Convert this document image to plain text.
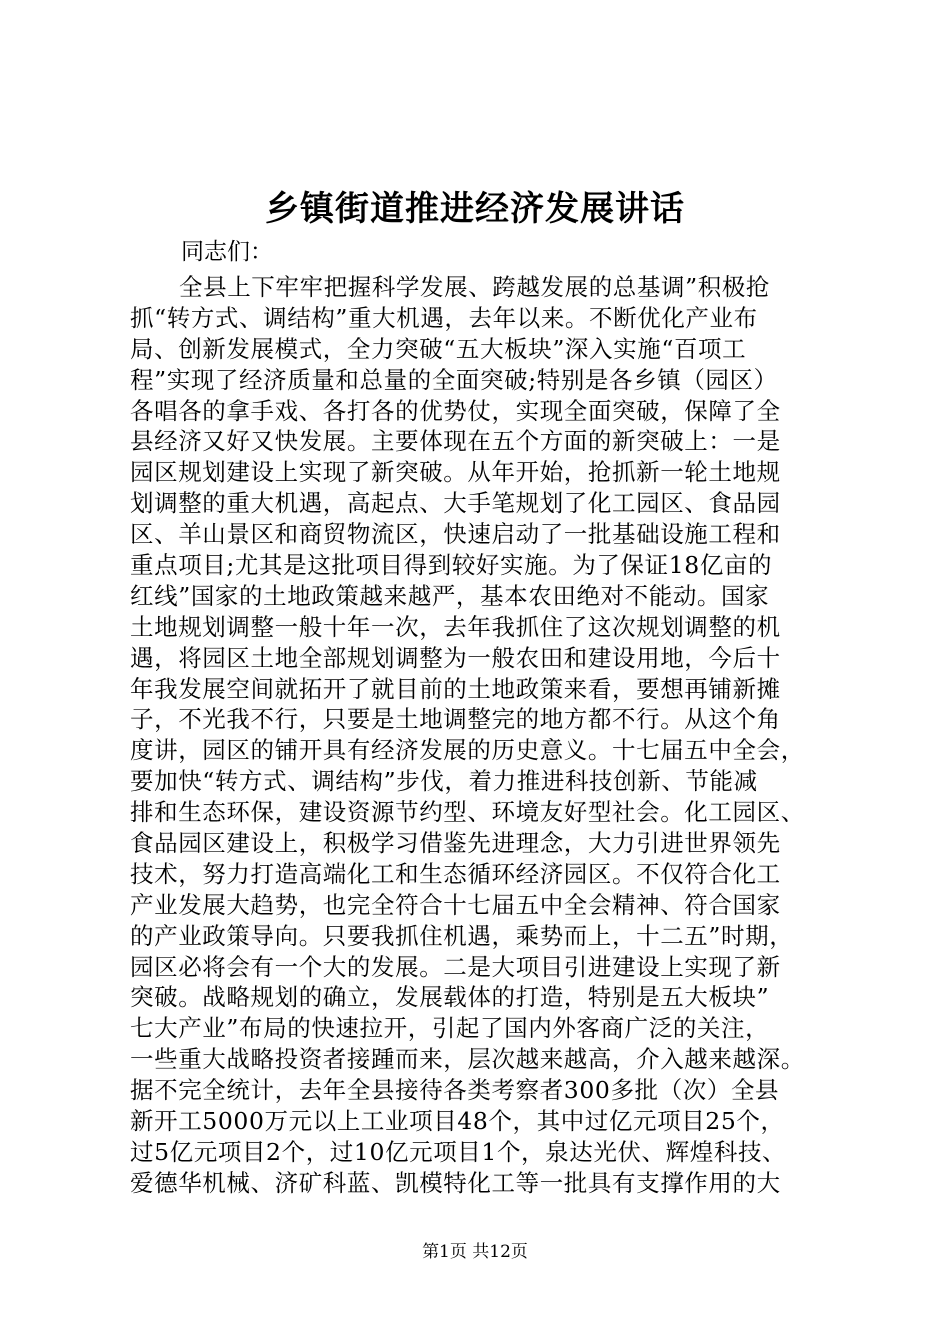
乡镇街道推进经济发展讲话

同志们：

全县上下牢牢把握科学发展、跨越发展的总基调”积极抢
抓“转方式、调结构”重大机遇，去年以来。不断优化产业布
局、创新发展模式，全力突破“五大板块”深入实施“百项工
程”实现了经济质量和总量的全面突破;特别是各乡镇（园区）
各唱各的拿手戏、各打各的优势仗，实现全面突破，保障了全
县经济又好又快发展。主要体现在五个方面的新突破上：一是
园区规划建设上实现了新突破。从年开始，抢抓新一轮土地规
划调整的重大机遇，高起点、大手笔规划了化工园区、食品园
区、羊山景区和商贸物流区，快速启动了一批基础设施工程和
重点项目;尤其是这批项目得到较好实施。为了保证18亿亩的
红线”国家的土地政策越来越严，基本农田绝对不能动。国家
土地规划调整一般十年一次，去年我抓住了这次规划调整的机
遇，将园区土地全部规划调整为一般农田和建设用地，今后十
年我发展空间就拓开了就目前的土地政策来看，要想再铺新摊
子，不光我不行，只要是土地调整完的地方都不行。从这个角
度讲，园区的铺开具有经济发展的历史意义。十七届五中全会，
要加快“转方式、调结构”步伐，着力推进科技创新、节能减
排和生态环保，建设资源节约型、环境友好型社会。化工园区、
食品园区建设上，积极学习借鉴先进理念，大力引进世界领先
技术，努力打造高端化工和生态循环经济园区。不仅符合化工
产业发展大趋势，也完全符合十七届五中全会精神、符合国家
的产业政策导向。只要我抓住机遇，乘势而上，十二五”时期，
园区必将会有一个大的发展。二是大项目引进建设上实现了新
突破。战略规划的确立，发展载体的打造，特别是五大板块”
七大产业”布局的快速拉开，引起了国内外客商广泛的关注，
一些重大战略投资者接踵而来，层次越来越高，介入越来越深。
据不完全统计，去年全县接待各类考察者300多批（次）全县
新开工5000万元以上工业项目48个，其中过亿元项目25个，
过5亿元项目2个，过10亿元项目1个，泉达光伏、辉煌科技、
爱德华机械、济矿科蓝、凯模特化工等一批具有支撑作用的大

第1页 共12页
